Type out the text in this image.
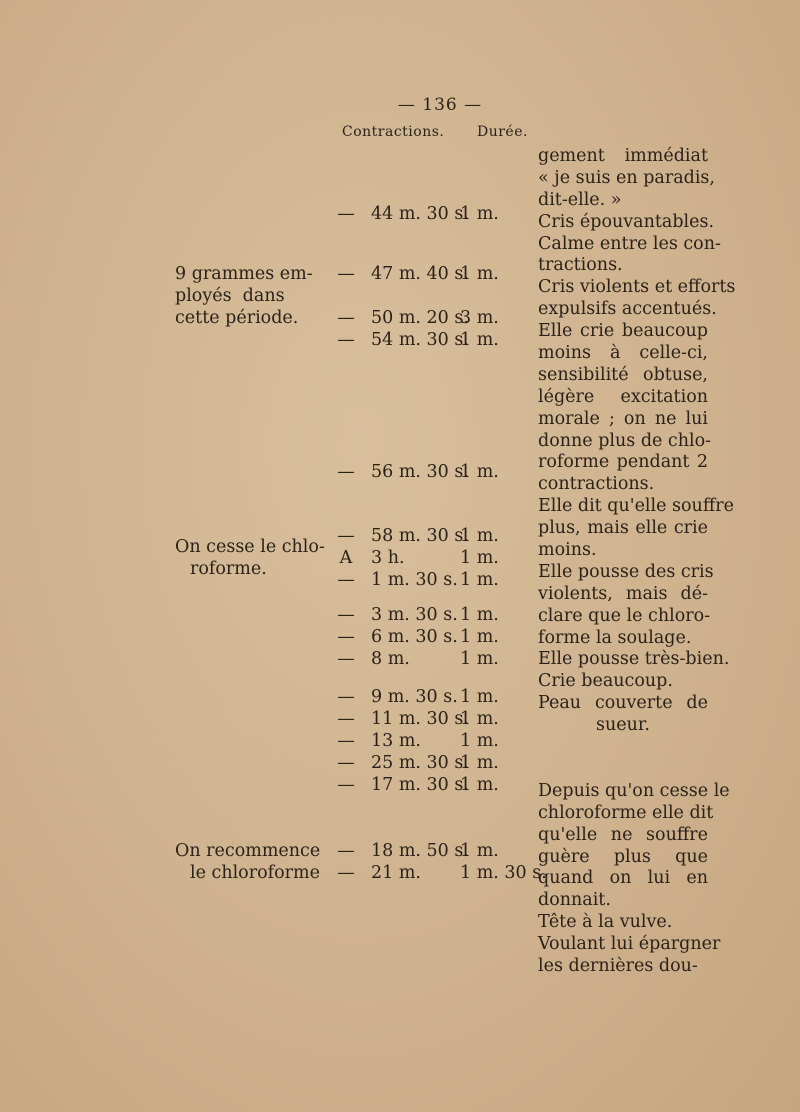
— 136 —
Contractions. Durée.
9 grammes em-
ployés  dans
cette période.
On cesse le chlo-
roforme.
On recommence
le chloroforme
— 44 m. 30 s.
1 m.
— 47 m. 40 s.
1 m.
— 50 m. 20 s.
3 m.
— 54 m. 30 s.
1 m.
— 56 m. 30 s.
1 m.
— 58 m. 30 s.
1 m.
A 3 h.	1 m.
— 1 m. 30 s. 1 m.
— 3 m. 30 s. 1 m.
— 6 m. 30 s. 1 m.
— 8 m.	1 m.
— 9 m. 30 s. 1 m.
— 11 m. 30 s.
1 m.
— 13 m. 1 m.
— 25 m. 30 s.
1 m.
— 17 m. 30 s.
1 m.
— 18 m. 50 s.
1 m.
— 21 m. 1 m. 30 s.
gement immédiat
« je suis en paradis,
dit-elle. »
Cris épouvantables.
Calme entre les con-
tractions.
Cris violents et efforts
expulsifs accentués.
Elle crie beaucoup
moins à celle-ci,
sensibilité obtuse,
légère excitation
morale ; on ne lui
donne plus de chlo-
roforme pendant 2
contractions.
Elle dit qu'elle souffre
plus, mais elle crie
moins.
Elle pousse des cris
violents, mais dé-
clare que le chloro-
forme la soulage.
Elle pousse très-bien.
Crie beaucoup.
Peau couverte de
sueur.
Depuis qu'on cesse le
chloroforme elle dit
qu'elle ne souffre
guère plus que
quand on lui en
donnait.
Tête à la vulve.
Voulant lui épargner
les dernières dou-
